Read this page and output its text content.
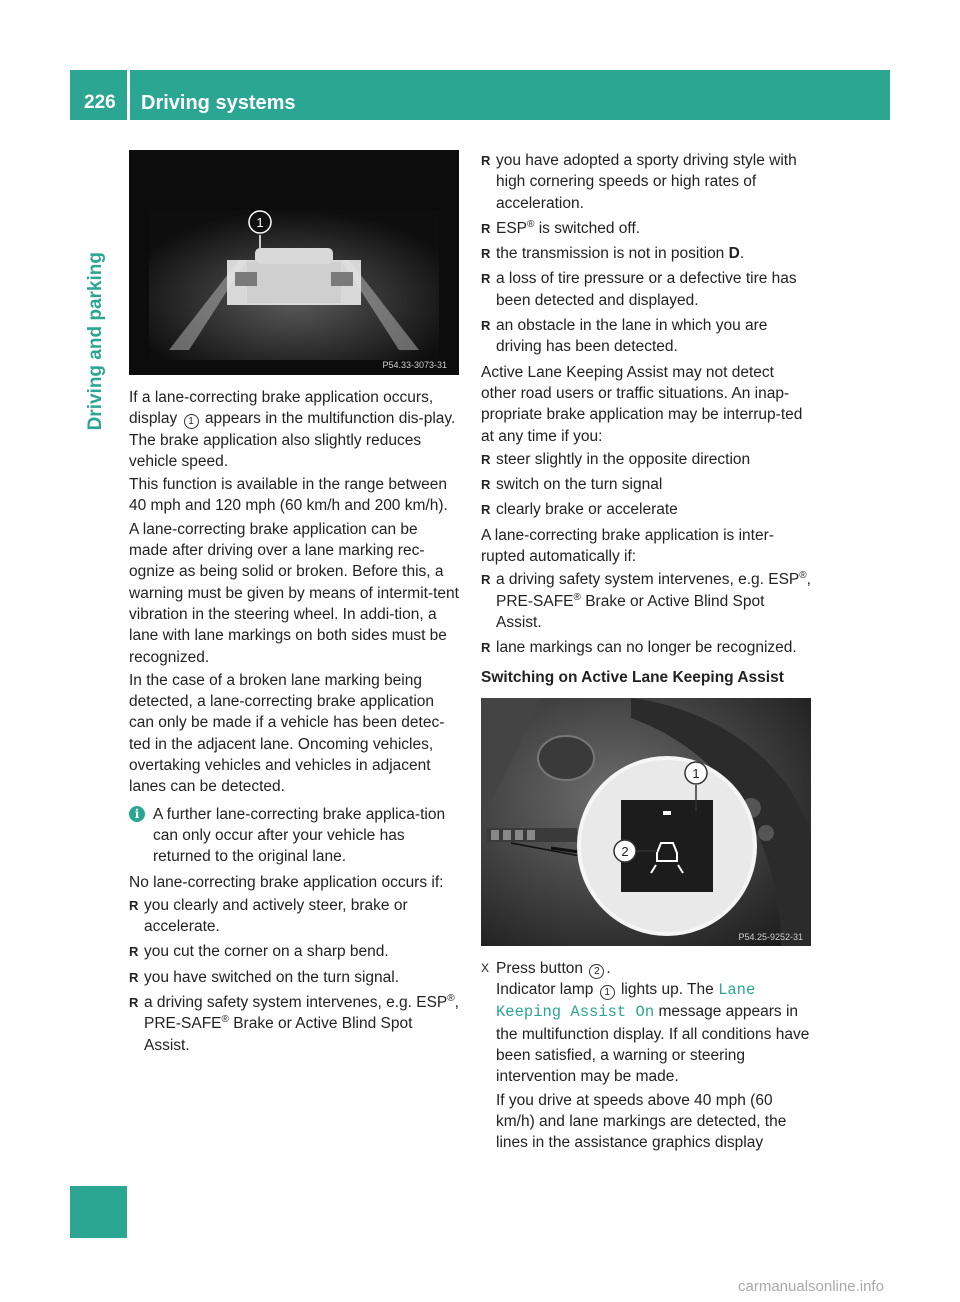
226 Driving systems
Driving and parking
1
P54.33-3073-31

If a lane-correcting brake application occurs, display 1 appears in the multifunction dis-play. The brake application also slightly reduces vehicle speed.

This function is available in the range between 40 mph and 120 mph (60 km/h and 200 km/h).

A lane-correcting brake application can be made after driving over a lane marking rec-ognize as being solid or broken. Before this, a warning must be given by means of intermit-tent vibration in the steering wheel. In addi-tion, a lane with lane markings on both sides must be recognized.

In the case of a broken lane marking being detected, a lane-correcting brake application can only be made if a vehicle has been detec-ted in the adjacent lane. Oncoming vehicles, overtaking vehicles and vehicles in adjacent lanes can be detected.

i A further lane-correcting brake applica-tion can only occur after your vehicle has returned to the original lane.

No lane-correcting brake application occurs if:

R you clearly and actively steer, brake or accelerate.
R you cut the corner on a sharp bend.
R you have switched on the turn signal.
R a driving safety system intervenes, e.g. ESP®, PRE-SAFE® Brake or Active Blind Spot Assist.
R you have adopted a sporty driving style with high cornering speeds or high rates of acceleration.
R ESP® is switched off.
R the transmission is not in position D.
R a loss of tire pressure or a defective tire has been detected and displayed.
R an obstacle in the lane in which you are driving has been detected.

Active Lane Keeping Assist may not detect other road users or traffic situations. An inap-propriate brake application may be interrup-ted at any time if you:

R steer slightly in the opposite direction
R switch on the turn signal
R clearly brake or accelerate

A lane-correcting brake application is inter-rupted automatically if:

R a driving safety system intervenes, e.g. ESP®, PRE-SAFE® Brake or Active Blind Spot Assist.
R lane markings can no longer be recognized.

Switching on Active Lane Keeping Assist

1
2
P54.25-9252-31
X Press button 2 .
Indicator lamp 1 lights up. The Lane Keeping Assist On message appears in the multifunction display. If all conditions have been satisfied, a warning or steering intervention may be made.

If you drive at speeds above 40 mph (60 km/h) and lane markings are detected, the lines in the assistance graphics display

carmanualsonline.info
